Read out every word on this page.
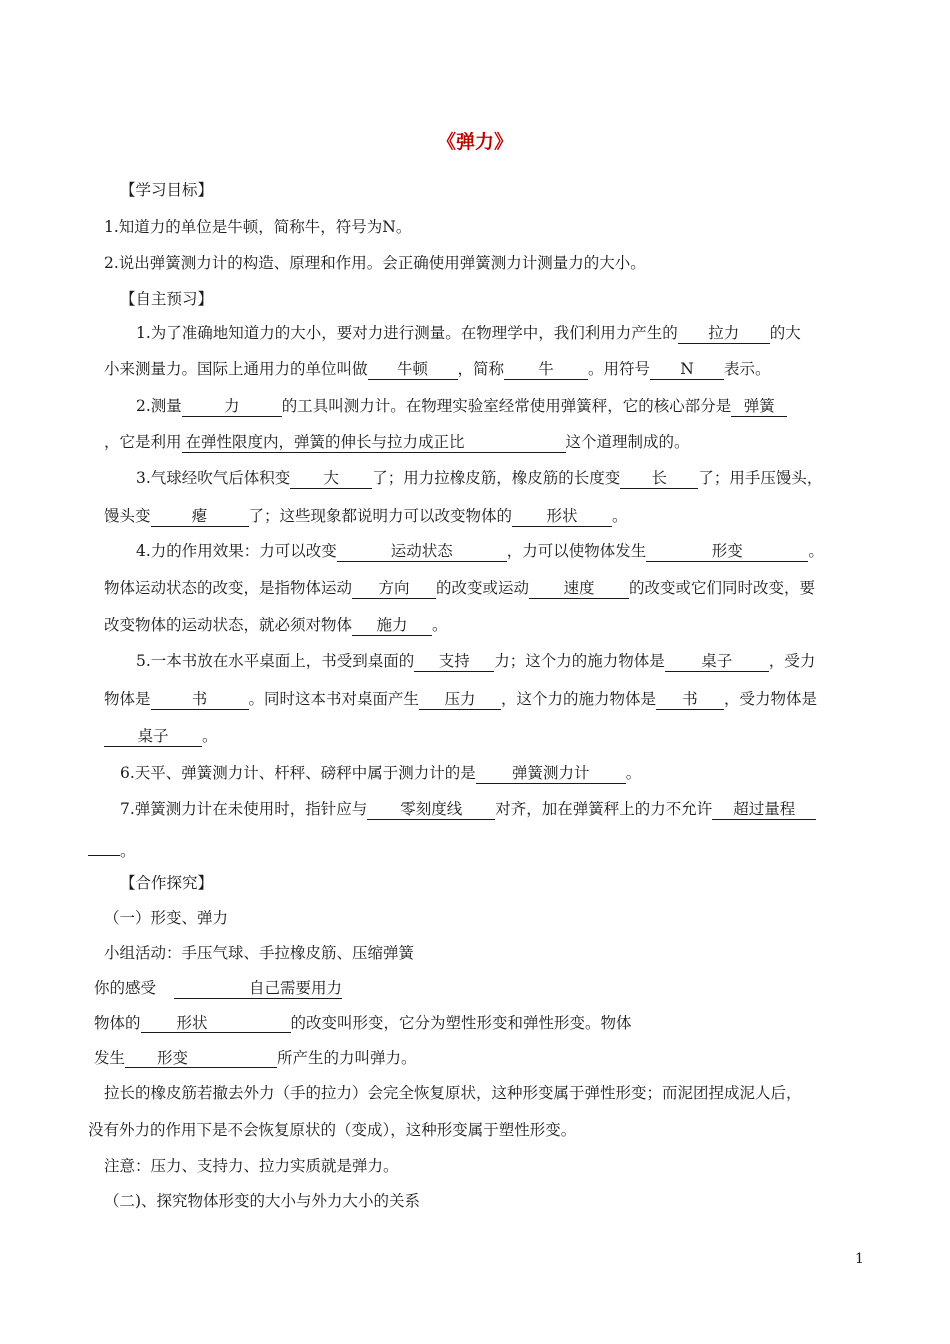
《弹力》
【学习目标】
1.知道力的单位是牛顿，简称牛，符号为N。
2.说出弹簧测力计的构造、原理和作用。会正确使用弹簧测力计测量力的大小。
【自主预习】
1.为了准确地知道力的大小，要对力进行测量。在物理学中，我们利用力产生的 拉力 的大
小来测量力。国际上通用力的单位叫做 牛顿 ，简称 牛 。用符号 N 表示。
2.测量	力	的工具叫测力计。在物理实验室经常使用弹簧秤，它的核心部分是 弹簧
，它是利用 在弹性限度内，弹簧的伸长与拉力成正比	这个道理制成的。
3.气球经吹气后体积变 大 了；用力拉橡皮筋，橡皮筋的长度变 长 了；用手压馒头，
馒头变	瘪	了；这些现象都说明力可以改变物体的 形状 。
4.力的作用效果：力可以改变	运动状态	，力可以使物体发生	形变	。
物体运动状态的改变，是指物体运动 方向 的改变或运动 速度 的改变或它们同时改变，要
改变物体的运动状态，就必须对物体 施力 。
5.一本书放在水平桌面上，书受到桌面的 支持 力；这个力的施力物体是 桌子 ，受力
物体是	书	。同时这本书对桌面产生 压力 ，这个力的施力物体是 书 ，受力物体是
桌子 。
6.天平、弹簧测力计、杆秤、磅秤中属于测力计的是 弹簧测力计 。
7.弹簧测力计在未使用时，指针应与 零刻度线 对齐，加在弹簧秤上的力不允许 超过量程
。
【合作探究】
（一）形变、弹力
小组活动：手压气球、手拉橡皮筋、压缩弹簧
你的感受	自己需要用力
物体的 形状	的改变叫形变，它分为塑性形变和弹性形变。物体
发生 形变	所产生的力叫弹力。
拉长的橡皮筋若撤去外力（手的拉力）会完全恢复原状，这种形变属于弹性形变；而泥团捏成泥人后，
没有外力的作用下是不会恢复原状的（变成），这种形变属于塑性形变。
注意：压力、支持力、拉力实质就是弹力。
（二)、探究物体形变的大小与外力大小的关系
1
